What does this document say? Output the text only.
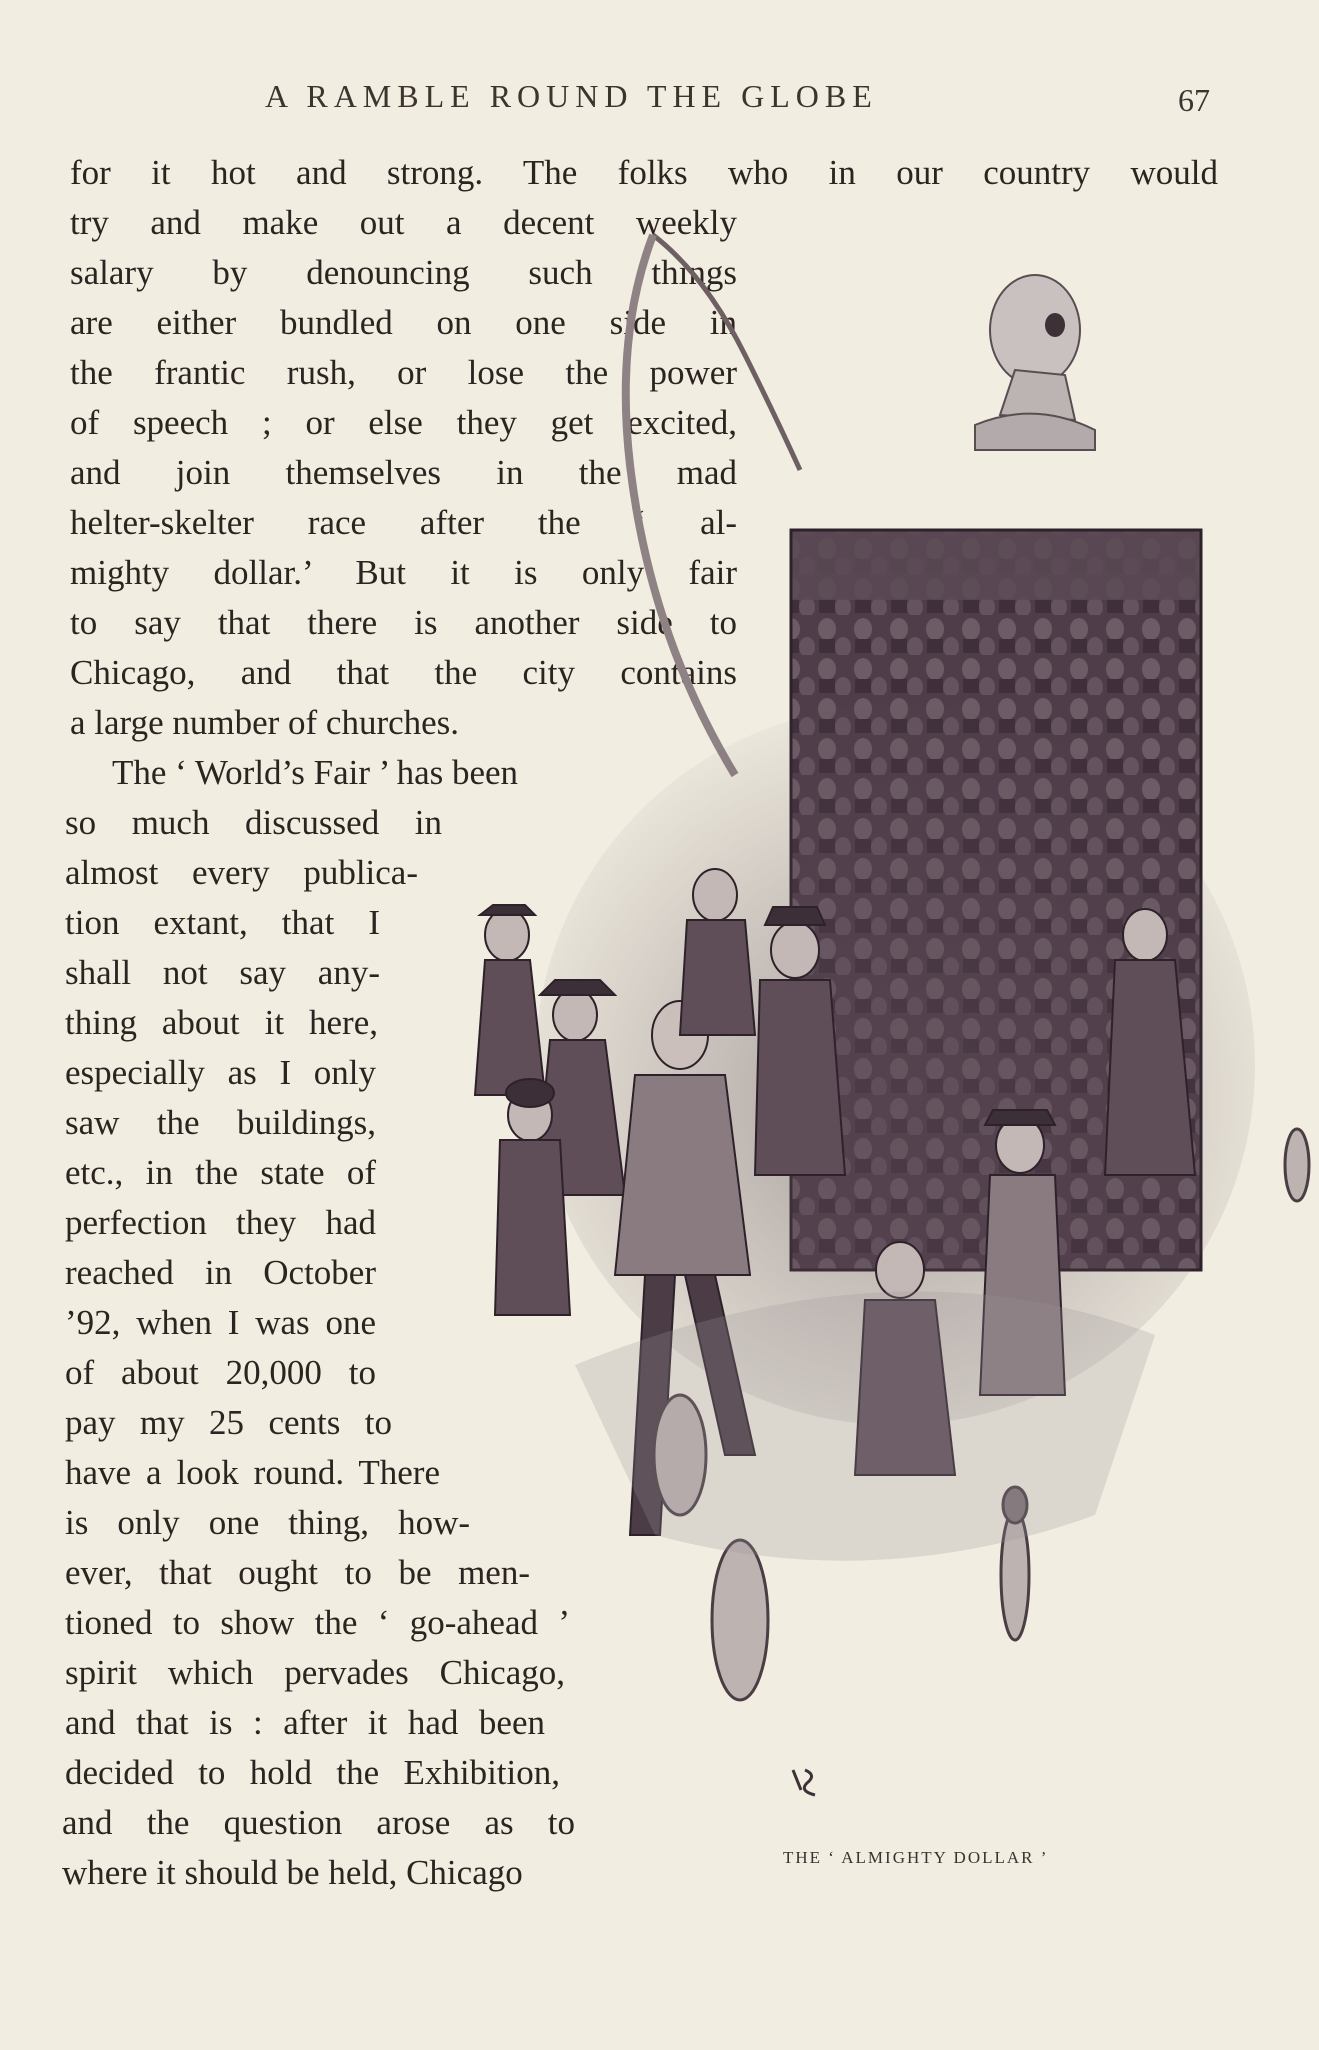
A RAMBLE ROUND THE GLOBE	67
for it hot and strong. The folks who in our country would
try and make out a decent weekly
salary by denouncing such things
are either bundled on one side in
the frantic rush, or lose the power
of speech ; or else they get excited,
and join themselves in the mad
helter-skelter race after the ‘ al-
mighty dollar.’ But it is only fair
to say that there is another side to
Chicago, and that the city contains
a large number of churches.
The ‘ World’s Fair ’ has been
so much discussed in
almost every publica-
tion extant, that I
shall not say any-
thing about it here,
especially as I only
saw the buildings,
etc., in the state of
perfection they had
reached in October
’92, when I was one
of about 20,000 to
pay my 25 cents to
have a look round. There
is only one thing, how-
ever, that ought to be men-
tioned to show the ‘ go-ahead ’
spirit which pervades Chicago,
and that is : after it had been
decided to hold the Exhibition,
and the question arose as to
where it should be held, Chicago	THE ‘ ALMIGHTY DOLLAR ’
